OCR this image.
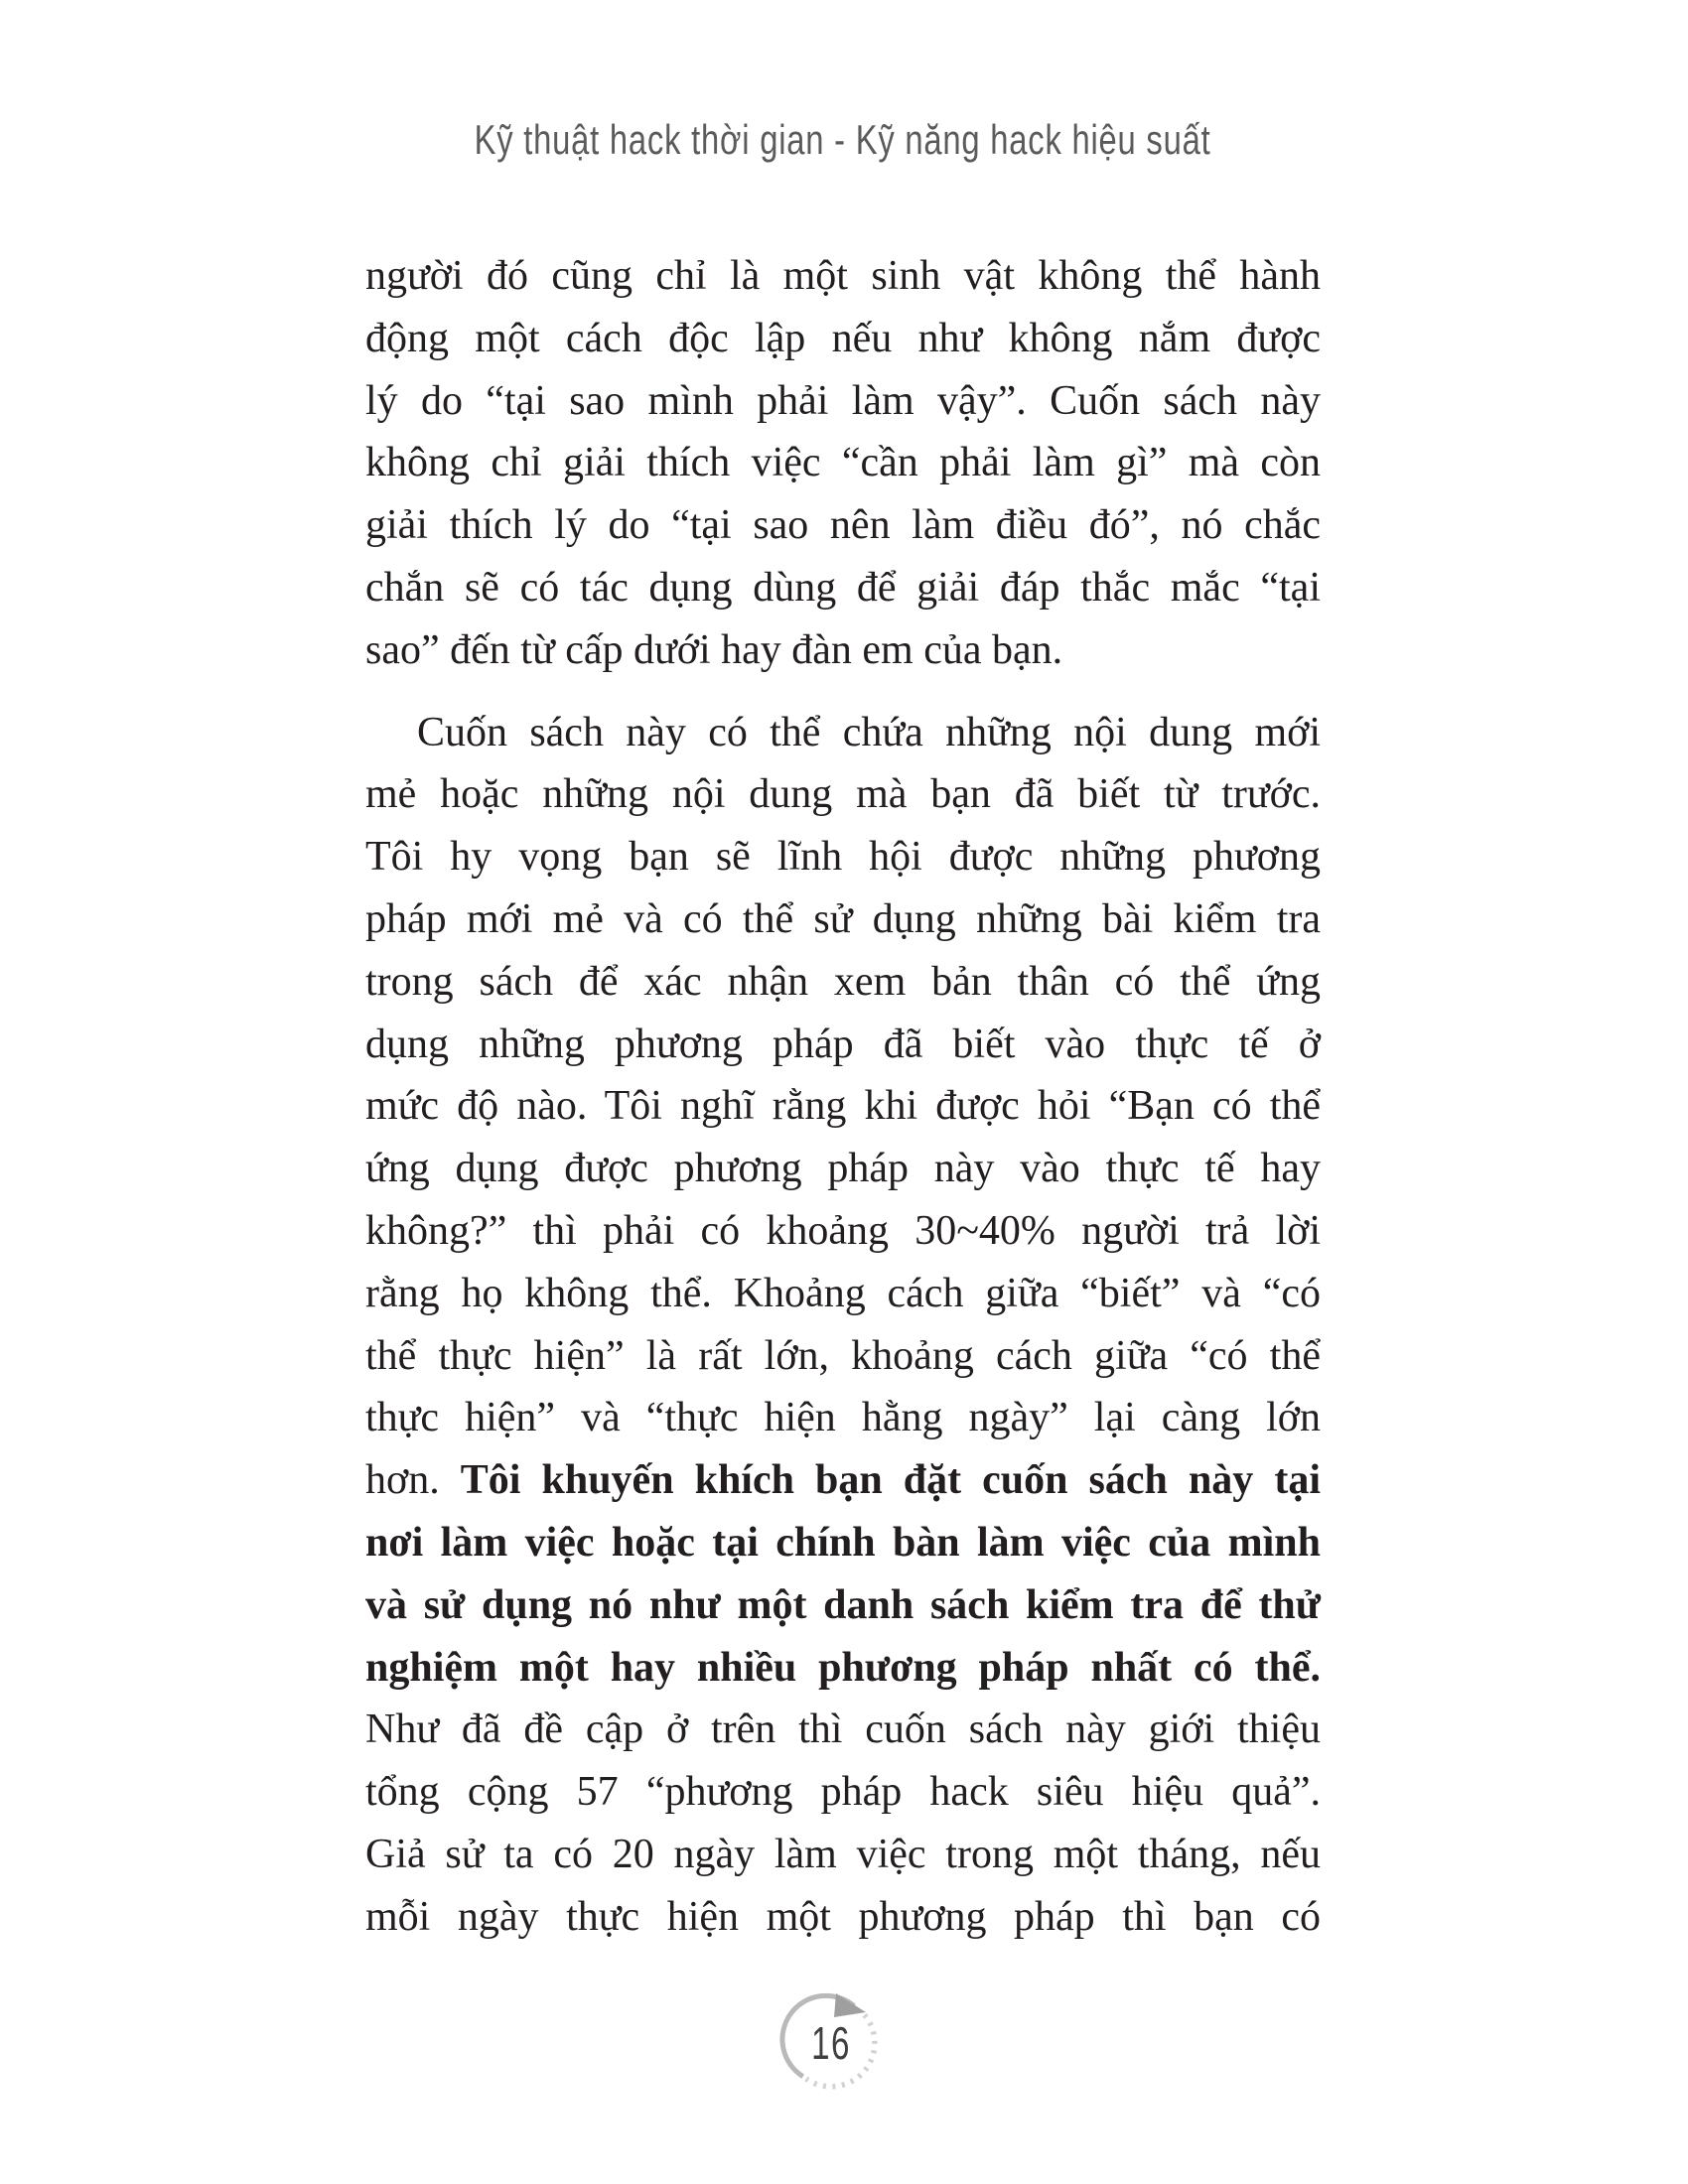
Kỹ thuật hack thời gian - Kỹ năng hack hiệu suất
người đó cũng chỉ là một sinh vật không thể hành
động một cách độc lập nếu như không nắm được
lý do “tại sao mình phải làm vậy”. Cuốn sách này
không chỉ giải thích việc “cần phải làm gì” mà còn
giải thích lý do “tại sao nên làm điều đó”, nó chắc
chắn sẽ có tác dụng dùng để giải đáp thắc mắc “tại
sao” đến từ cấp dưới hay đàn em của bạn.
Cuốn sách này có thể chứa những nội dung mới
mẻ hoặc những nội dung mà bạn đã biết từ trước.
Tôi hy vọng bạn sẽ lĩnh hội được những phương
pháp mới mẻ và có thể sử dụng những bài kiểm tra
trong sách để xác nhận xem bản thân có thể ứng
dụng những phương pháp đã biết vào thực tế ở
mức độ nào. Tôi nghĩ rằng khi được hỏi “Bạn có thể
ứng dụng được phương pháp này vào thực tế hay
không?” thì phải có khoảng 30~40% người trả lời
rằng họ không thể. Khoảng cách giữa “biết” và “có
thể thực hiện” là rất lớn, khoảng cách giữa “có thể
thực hiện” và “thực hiện hằng ngày” lại càng lớn
hơn. Tôi khuyến khích bạn đặt cuốn sách này tại
nơi làm việc hoặc tại chính bàn làm việc của mình
và sử dụng nó như một danh sách kiểm tra để thử
nghiệm một hay nhiều phương pháp nhất có thể.
Như đã đề cập ở trên thì cuốn sách này giới thiệu
tổng cộng 57 “phương pháp hack siêu hiệu quả”.
Giả sử ta có 20 ngày làm việc trong một tháng, nếu
mỗi ngày thực hiện một phương pháp thì bạn có
16
